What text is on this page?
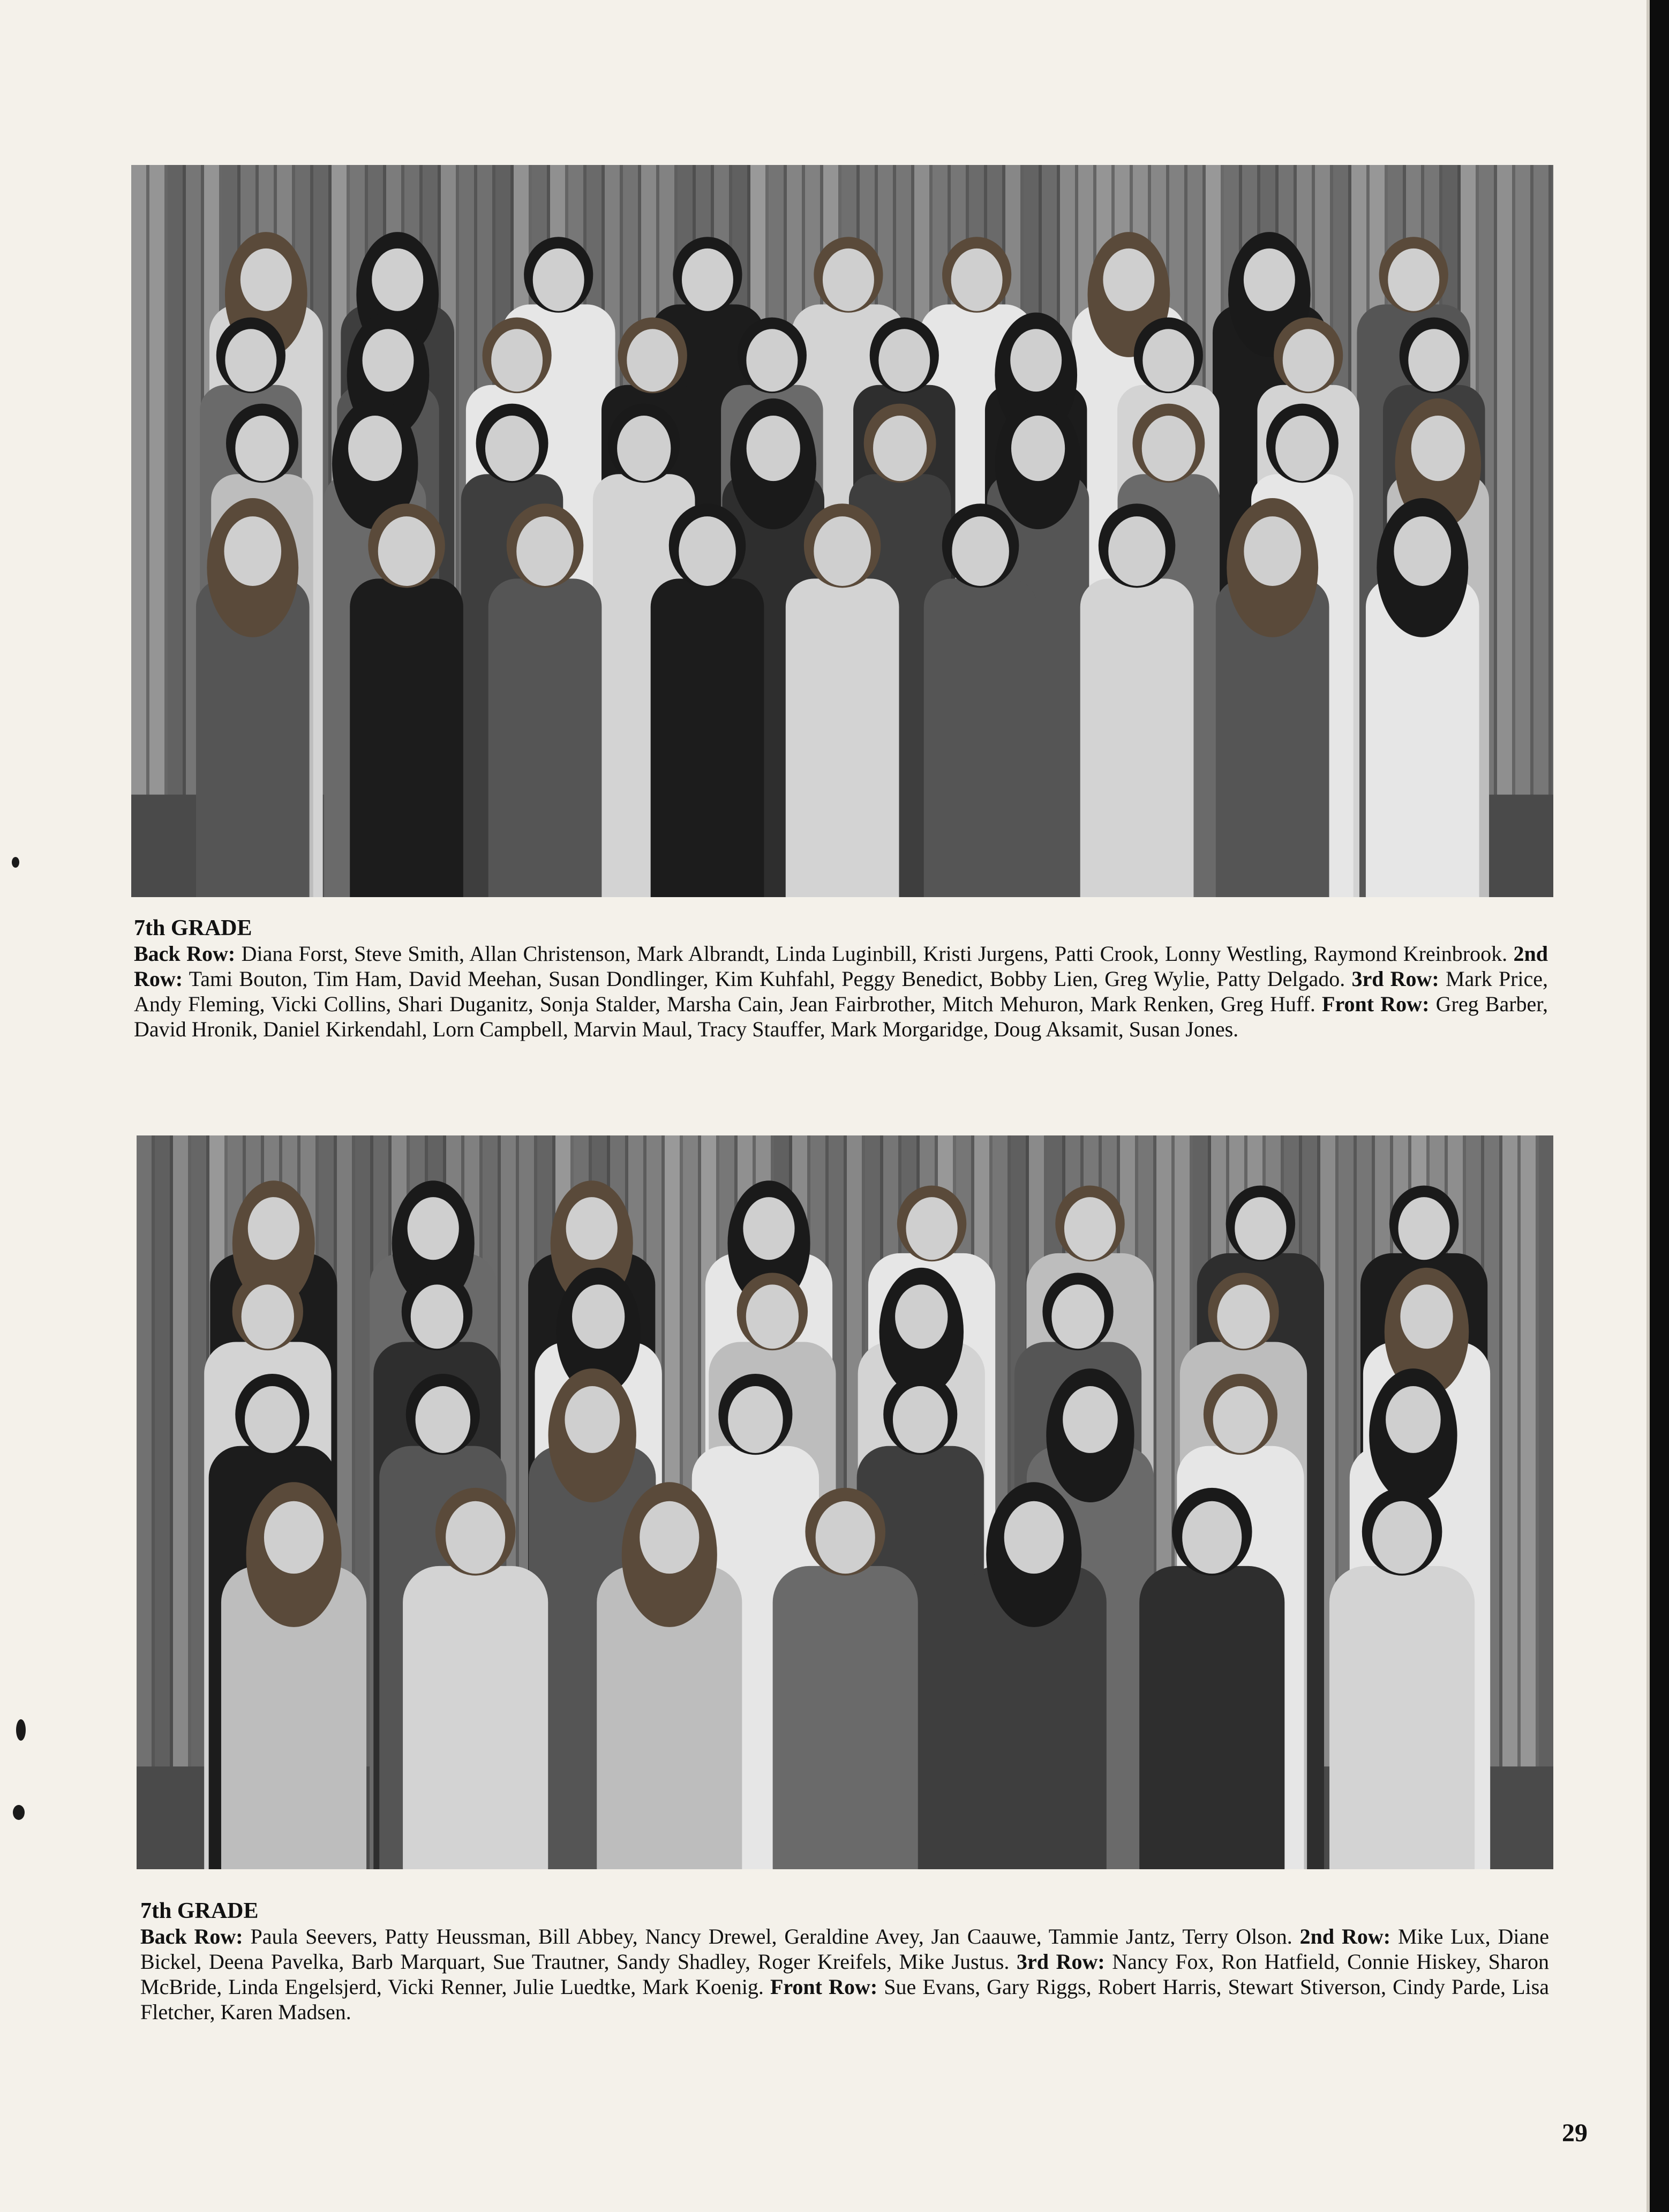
7th GRADE
Back Row: Diana Forst, Steve Smith, Allan Christenson, Mark Albrandt, Linda Luginbill, Kristi Jurgens, Patti Crook, Lonny Westling, Raymond Kreinbrook. 2nd Row: Tami Bouton, Tim Ham, David Meehan, Susan Dondlinger, Kim Kuhfahl, Peggy Benedict, Bobby Lien, Greg Wylie, Patty Delgado. 3rd Row: Mark Price, Andy Fleming, Vicki Collins, Shari Duganitz, Sonja Stalder, Marsha Cain, Jean Fairbrother, Mitch Mehuron, Mark Renken, Greg Huff. Front Row: Greg Barber, David Hronik, Daniel Kirkendahl, Lorn Campbell, Marvin Maul, Tracy Stauffer, Mark Morgaridge, Doug Aksamit, Susan Jones.
7th GRADE
Back Row: Paula Seevers, Patty Heussman, Bill Abbey, Nancy Drewel, Geraldine Avey, Jan Caauwe, Tammie Jantz, Terry Olson. 2nd Row: Mike Lux, Diane Bickel, Deena Pavelka, Barb Marquart, Sue Trautner, Sandy Shadley, Roger Kreifels, Mike Justus. 3rd Row: Nancy Fox, Ron Hatfield, Connie Hiskey, Sharon McBride, Linda Engelsjerd, Vicki Renner, Julie Luedtke, Mark Koenig. Front Row: Sue Evans, Gary Riggs, Robert Harris, Stewart Stiverson, Cindy Parde, Lisa Fletcher, Karen Madsen.
29
